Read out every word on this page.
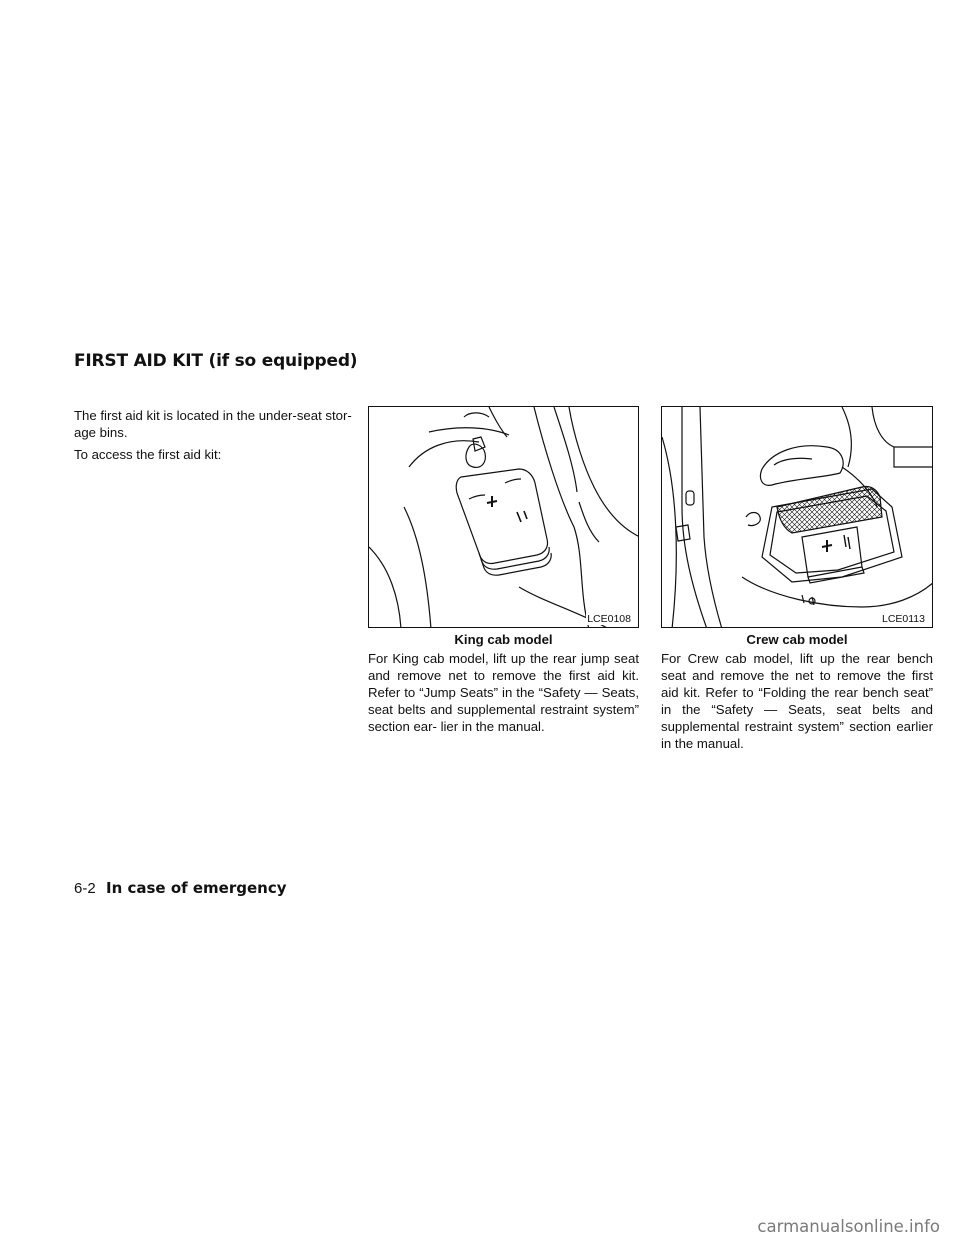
FIRST AID KIT (if so equipped)

The first aid kit is located in the under-seat stor- age bins.

To access the first aid kit:

LCE0108
King cab model

For King cab model, lift up the rear jump seat and remove net to remove the first aid kit. Refer to “Jump Seats” in the “Safety — Seats, seat belts and supplemental restraint system” section ear- lier in the manual.

LCE0113
Crew cab model

For Crew cab model, lift up the rear bench seat and remove the net to remove the first aid kit. Refer to “Folding the rear bench seat” in the “Safety — Seats, seat belts and supplemental restraint system” section earlier in the manual.

6-2 In case of emergency
carmanualsonline.info
